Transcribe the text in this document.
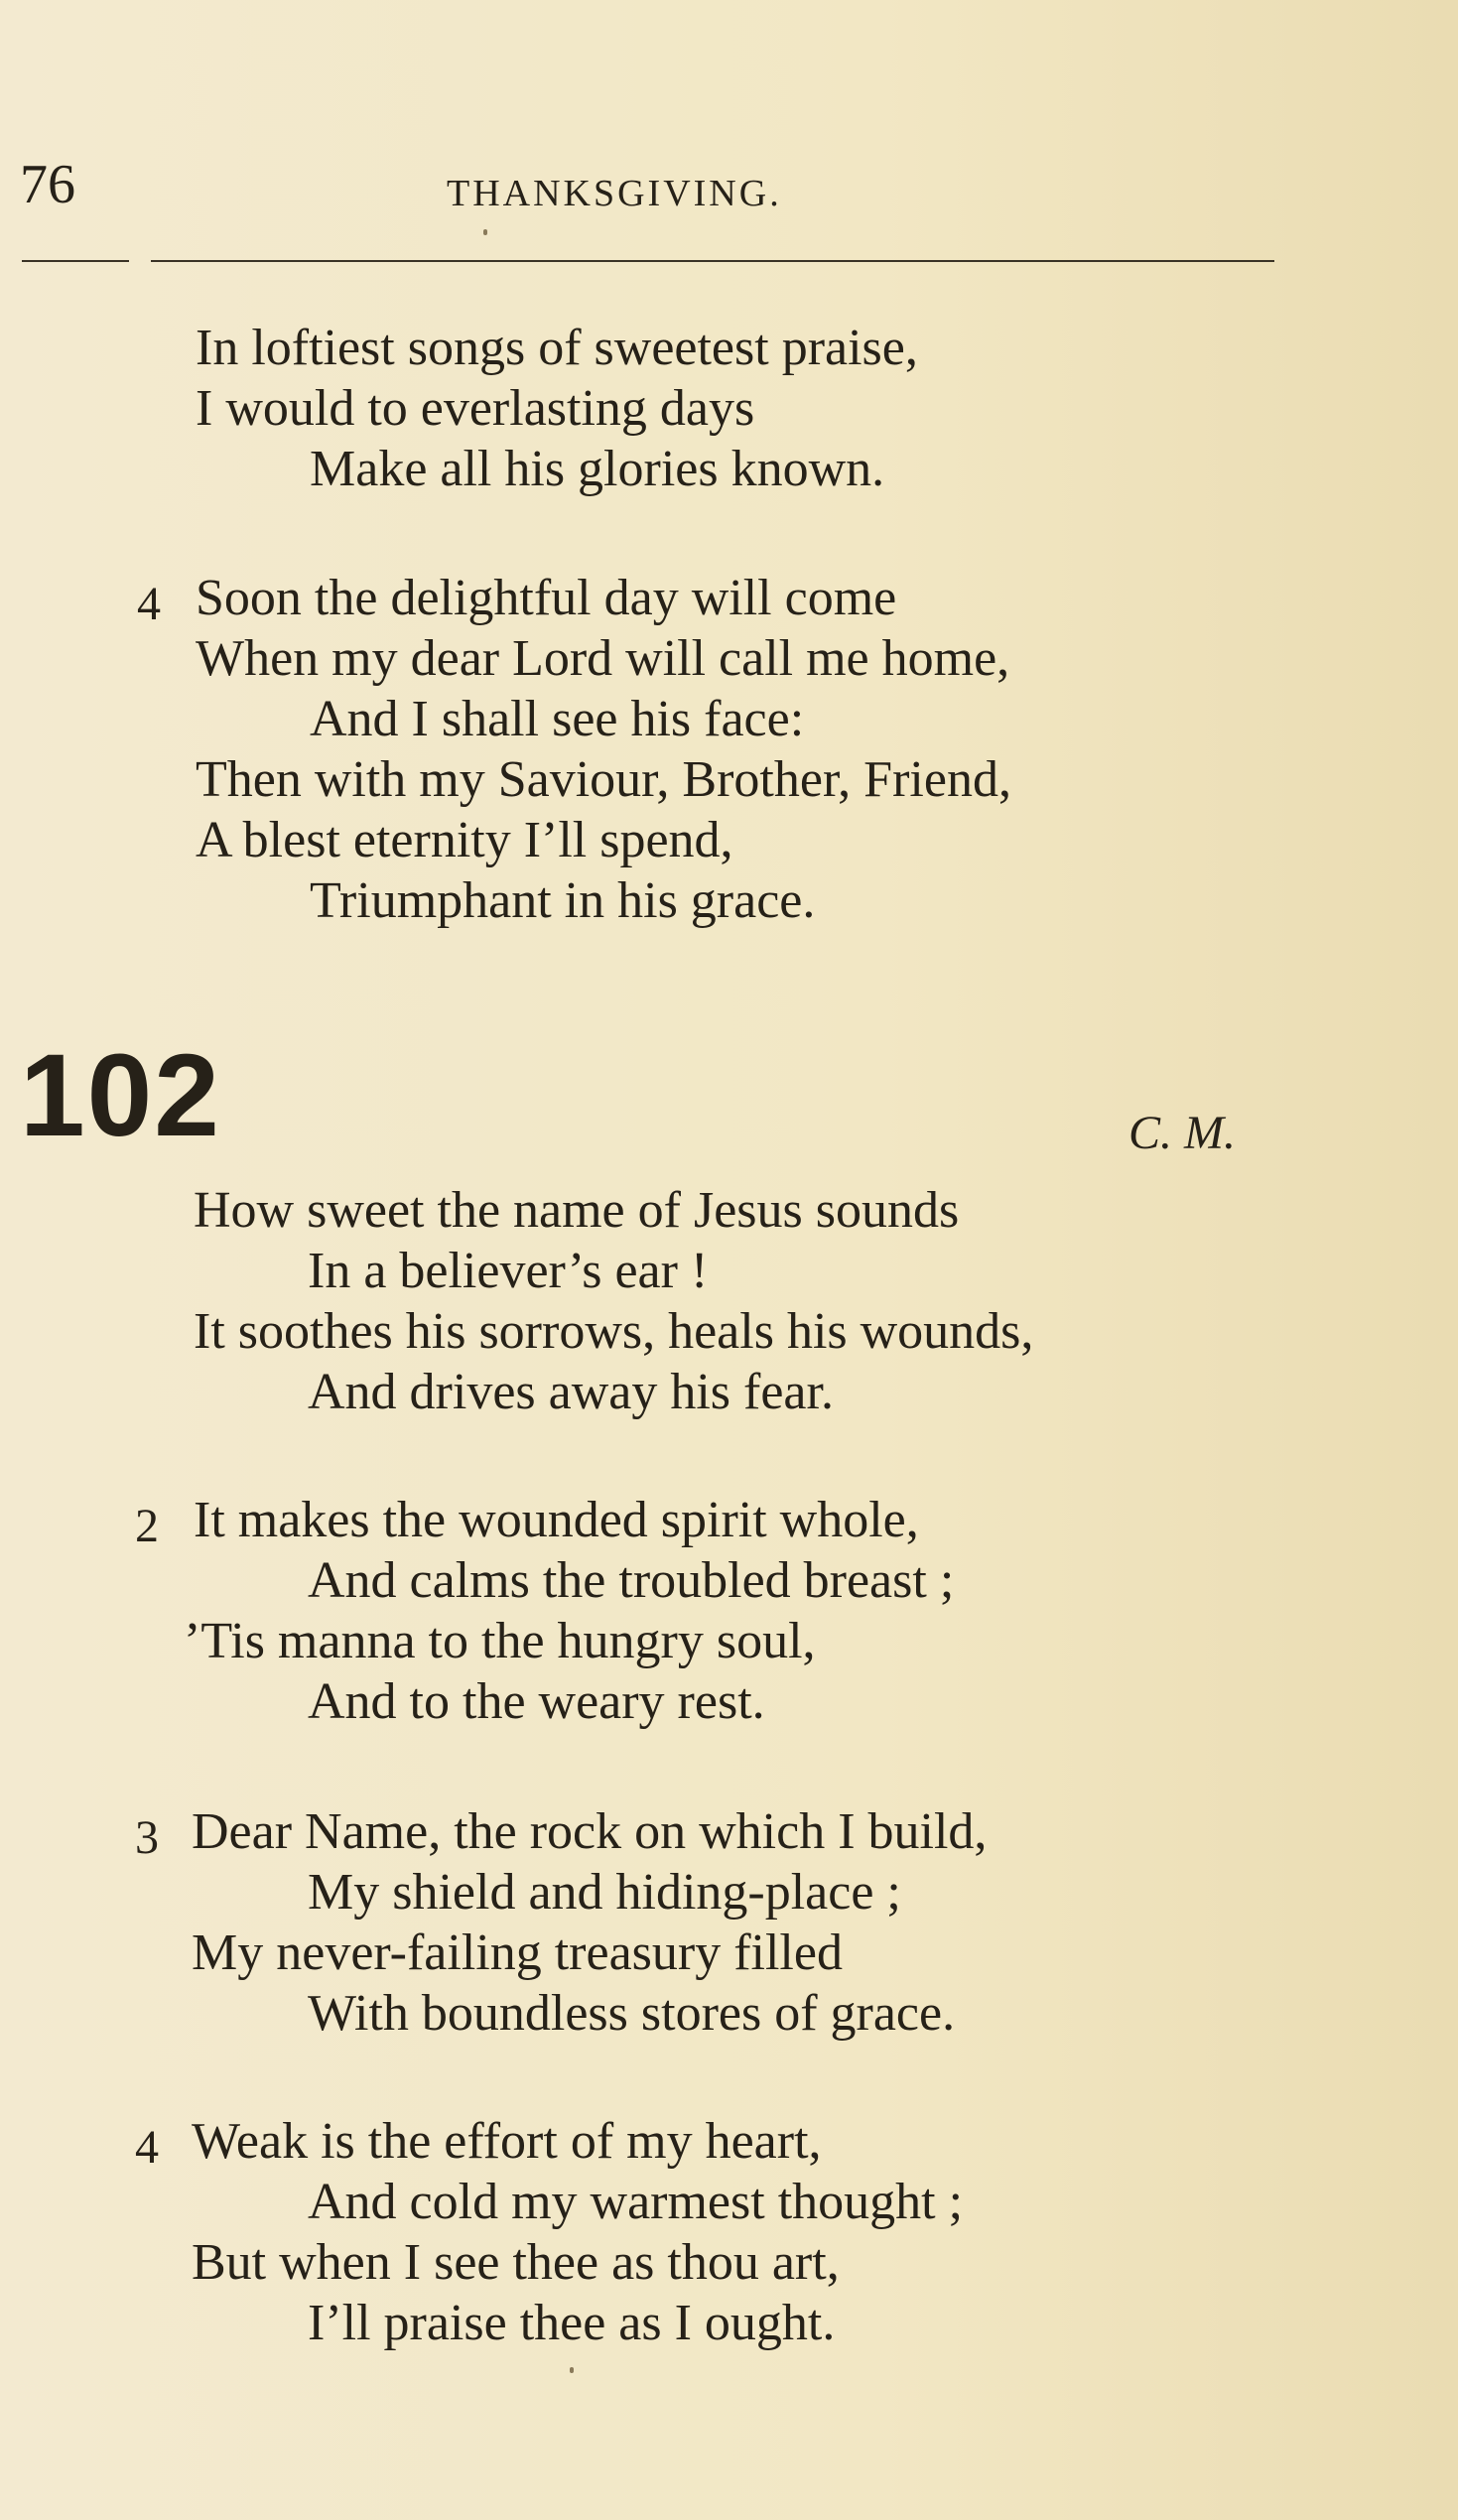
76	THANKSGIVING.
In loftiest songs of sweetest praise,
I would to everlasting days
Make all his glories known.
4 Soon the delightful day will come
When my dear Lord will call me home,
And I shall see his face:
Then with my Saviour, Brother, Friend,
A blest eternity I’ll spend,
Triumphant in his grace.
102	C. M.
How sweet the name of Jesus sounds
In a believer’s ear !
It soothes his sorrows, heals his wounds,
And drives away his fear.
2 It makes the wounded spirit whole,
And calms the troubled breast ;
’Tis manna to the hungry soul,
And to the weary rest.
3 Dear Name, the rock on which I build,
My shield and hiding-place ;
My never-failing treasury filled
With boundless stores of grace.
4 Weak is the effort of my heart,
And cold my warmest thought ;
But when I see thee as thou art,
I’ll praise thee as I ought.
